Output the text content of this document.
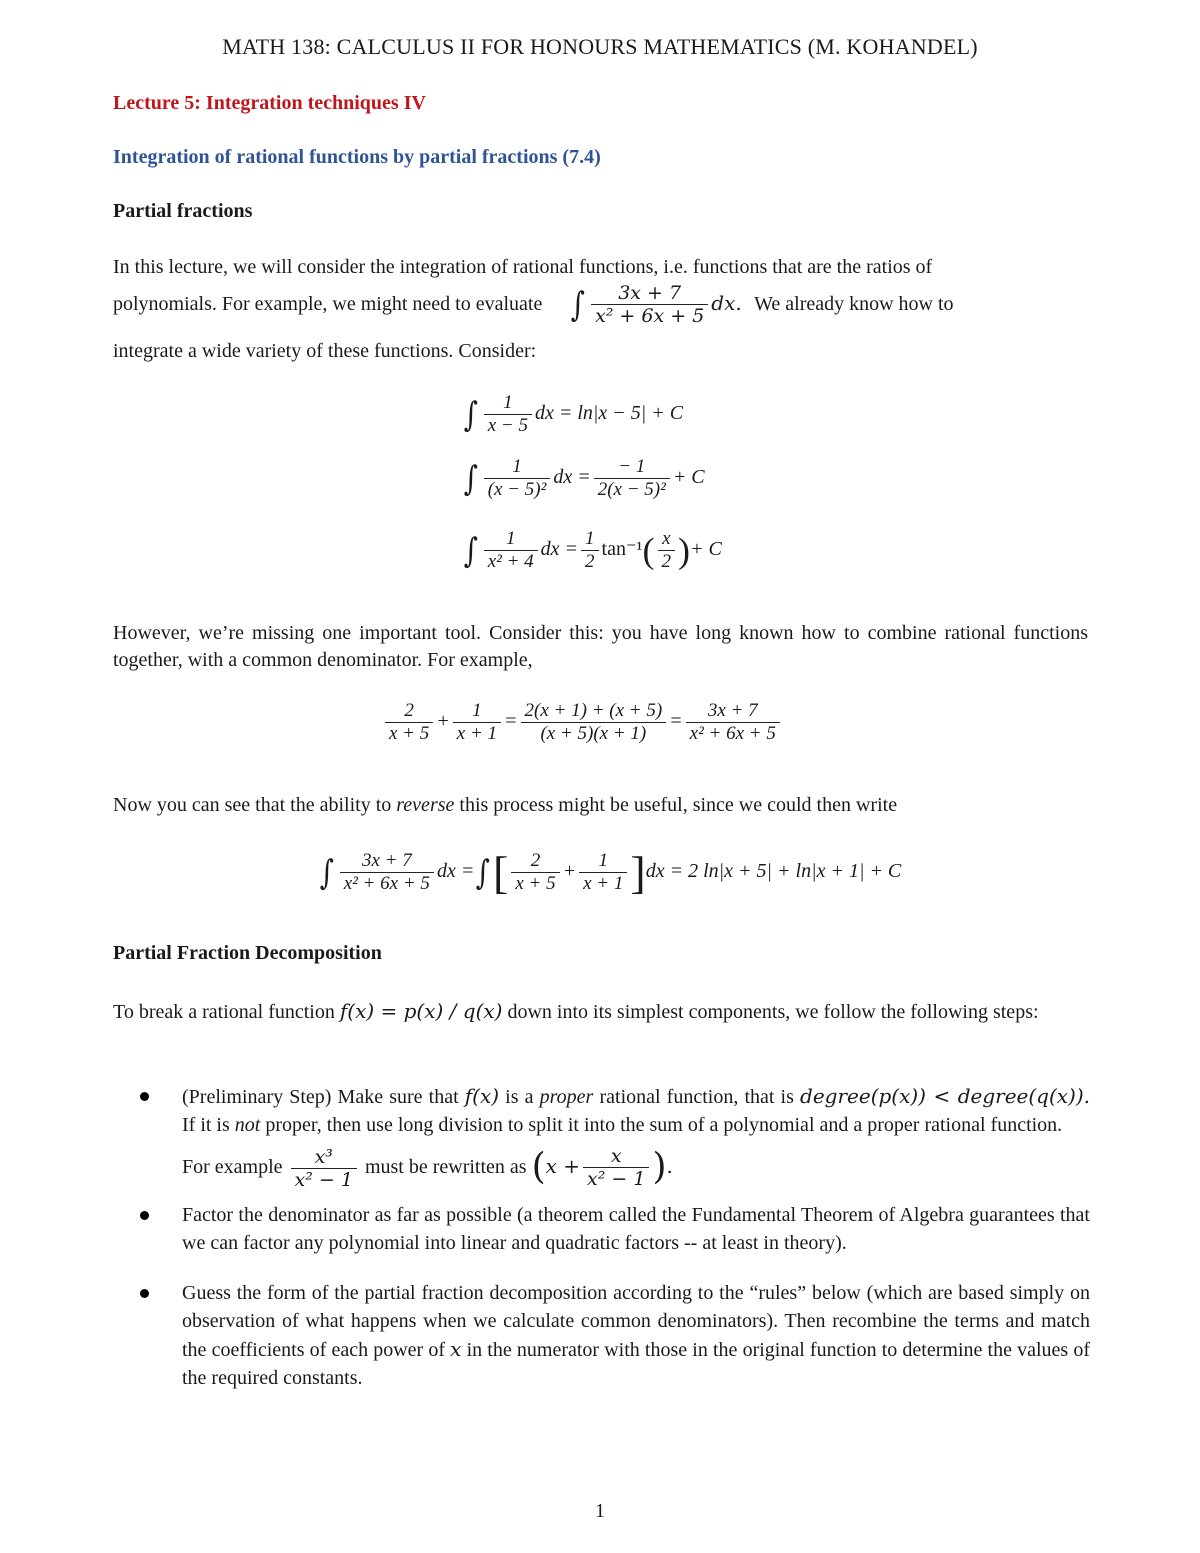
MATH 138: CALCULUS II FOR HONOURS MATHEMATICS (M. KOHANDEL)
Lecture 5: Integration techniques IV
Integration of rational functions by partial fractions (7.4)
Partial fractions
In this lecture, we will consider the integration of rational functions, i.e. functions that are the ratios of
polynomials. For example, we might need to evaluate ∫ $\frac{3x + 7}{\text{x² + 6x + 5}}$ dx. We already know how to
integrate a wide variety of these functions. Consider:
∫ $\frac{1}{x - 5}$ dx = ln|x − 5| + C
∫ $\frac{1}{\text{(x − 5)²}}$ dx = $\frac{- 1}{\text{2(x − 5)²}} + C$
∫ $\frac{1}{\text{x² + 4}}$ dx = $\frac{1}{2} \tan^{-1}( \frac{x}{2}$ )+ C
However, we’re missing one important tool. Consider this: you have long known how to combine rational functions together, with a common denominator. For example,
$\frac{2}{x + 5} + \frac{1}{x + 1} = \frac{2(x + 1) + (x + 5)}{(x + 5)(x + 1)} = \frac{3x + 7}{\text{x² + 6x + 5}}$
Now you can see that the ability to reverse this process might be useful, since we could then write
∫ $\frac{3x + 7}{\text{x² + 6x + 5}}$ dx =∫[ $\frac{2}{x + 5} + \frac{1}{x + 1} ]dx = 2$ ln|x + 5| + ln|x + 1| + C
Partial Fraction Decomposition
To break a rational function f(x) = p(x) / q(x) down into its simplest components, we follow the following steps:
(Preliminary Step) Make sure that f(x) is a proper rational function, that is degree(p(x)) < degree(q(x)). If it is not proper, then use long division to split it into the sum of a polynomial and a proper rational function.
For example $\frac{\text{x³}}{\text{x² − 1}}$ must be rewritten as ($x + \frac{x}{\text{x² − 1}}$ ).
Factor the denominator as far as possible (a theorem called the Fundamental Theorem of Algebra guarantees that we can factor any polynomial into linear and quadratic factors -- at least in theory).
Guess the form of the partial fraction decomposition according to the “rules” below (which are based simply on observation of what happens when we calculate common denominators). Then recombine the terms and match the coefficients of each power of x in the numerator with those in the original function to determine the values of the required constants.
1
